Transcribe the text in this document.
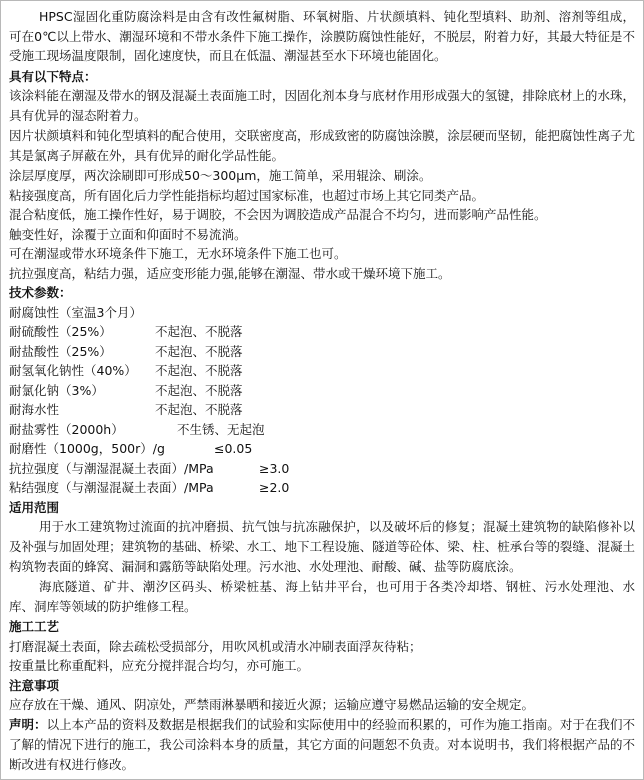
HPSC湿固化重防腐涂料是由含有改性氟树脂、环氧树脂、片状颜填料、钝化型填料、助剂、溶剂等组成，可在0℃以上带水、潮湿环境和不带水条件下施工操作，涂膜防腐蚀性能好，不脱层，附着力好，其最大特征是不受施工现场温度限制，固化速度快，而且在低温、潮湿甚至水下环境也能固化。

具有以下特点：

该涂料能在潮湿及带水的钢及混凝土表面施工时，因固化剂本身与底材作用形成强大的氢键，排除底材上的水珠，具有优异的湿态附着力。

因片状颜填料和钝化型填料的配合使用，交联密度高，形成致密的防腐蚀涂膜，涂层硬而坚韧，能把腐蚀性离子尤其是氯离子屏蔽在外，具有优异的耐化学品性能。

涂层厚度厚，两次涂刷即可形成50～300μm，施工简单，采用辊涂、刷涂。

粘接强度高，所有固化后力学性能指标均超过国家标准，也超过市场上其它同类产品。

混合粘度低，施工操作性好，易于调胶，不会因为调胶造成产品混合不均匀，进而影响产品性能。

触变性好，涂覆于立面和仰面时不易流淌。

可在潮湿或带水环境条件下施工，无水环境条件下施工也可。

抗拉强度高，粘结力强，适应变形能力强,能够在潮湿、带水或干燥环境下施工。

技术参数：

耐腐蚀性（室温3个月）

耐硫酸性（25%）	不起泡、不脱落
耐盐酸性（25%）	不起泡、不脱落
耐氢氧化钠性（40%）	不起泡、不脱落
耐氯化钠（3%）	不起泡、不脱落
耐海水性	不起泡、不脱落
耐盐雾性（2000h）	不生锈、无起泡
耐磨性（1000g，500r）/g	≤0.05
抗拉强度（与潮湿混凝土表面）/MPa	≥3.0
粘结强度（与潮湿混凝土表面）/MPa	≥2.0

适用范围

用于水工建筑物过流面的抗冲磨损、抗气蚀与抗冻融保护，以及破坏后的修复；混凝土建筑物的缺陷修补以及补强与加固处理；建筑物的基础、桥梁、水工、地下工程设施、隧道等砼体、梁、柱、桩承台等的裂缝、混凝土构筑物表面的蜂窝、漏洞和露筋等缺陷处理。污水池、水处理池、耐酸、碱、盐等防腐底涂。

海底隧道、矿井、潮汐区码头、桥梁桩基、海上钻井平台，也可用于各类冷却塔、钢桩、污水处理池、水库、洞库等领域的防护维修工程。

施工工艺

打磨混凝土表面，除去疏松受损部分，用吹风机或清水冲刷表面浮灰待粘；

按重量比称重配料，应充分搅拌混合均匀，亦可施工。

注意事项

应存放在干燥、通风、阴凉处，严禁雨淋暴晒和接近火源；运输应遵守易燃品运输的安全规定。

声明：以上本产品的资料及数据是根据我们的试验和实际使用中的经验而积累的，可作为施工指南。对于在我们不了解的情况下进行的施工，我公司涂料本身的质量，其它方面的问题恕不负责。对本说明书，我们将根据产品的不断改进有权进行修改。
